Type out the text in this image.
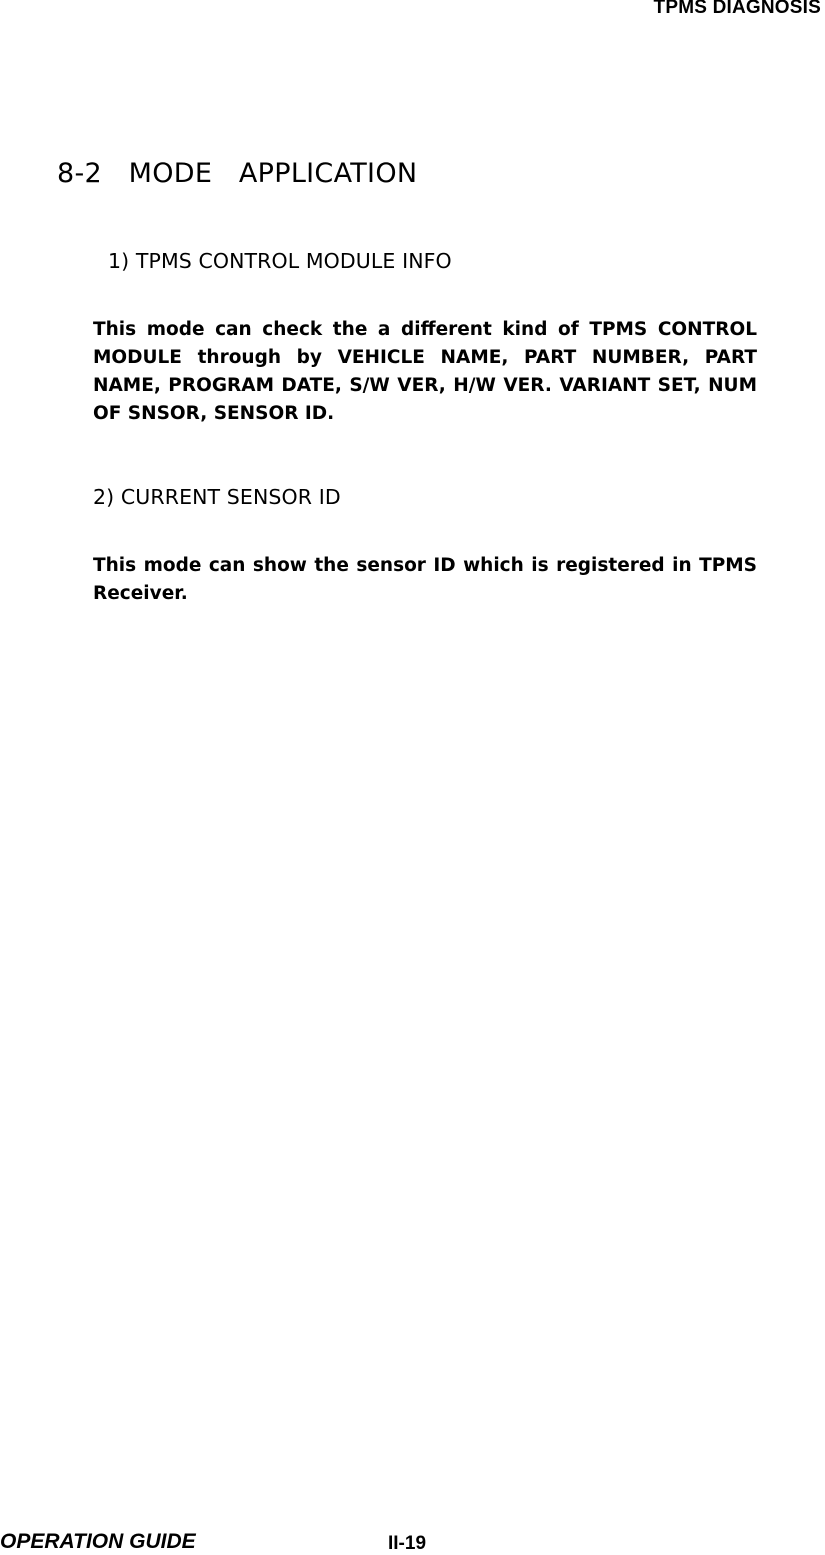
TPMS DIAGNOSIS
8-2   MODE   APPLICATION
1) TPMS CONTROL MODULE INFO
This mode can check the a different kind of TPMS CONTROL MODULE through by VEHICLE NAME, PART NUMBER, PART NAME, PROGRAM DATE, S/W VER, H/W VER. VARIANT SET, NUM OF SNSOR, SENSOR ID.
2) CURRENT SENSOR ID
This mode can show the sensor ID which is registered in TPMS Receiver.
OPERATION GUIDE	II-19
